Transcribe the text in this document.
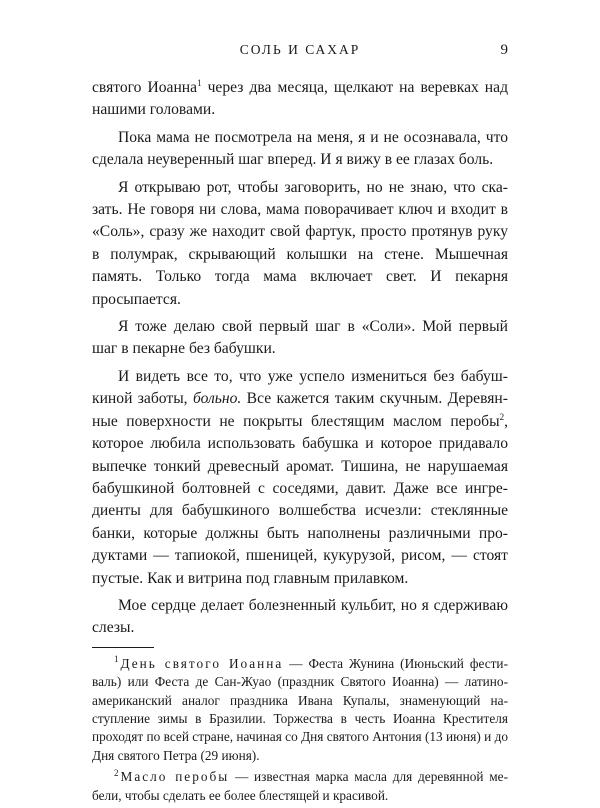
СОЛЬ И САХАР	9

святого Иоанна$^1$ через два месяца, щелкают на веревках над нашими головами.

Пока мама не посмотрела на меня, я и не осознавала, что сделала неуверенный шаг вперед. И я вижу в ее глазах боль.

Я открываю рот, чтобы заговорить, но не знаю, что сказать. Не говоря ни слова, мама поворачивает ключ и входит в «Соль», сразу же находит свой фартук, просто протянув руку в полумрак, скрывающий колышки на стене. Мышечная память. Только тогда мама включает свет. И пекарня просыпается.

Я тоже делаю свой первый шаг в «Соли». Мой первый шаг в пекарне без бабушки.

И видеть все то, что уже успело измениться без бабушкиной заботы, больно. Все кажется таким скучным. Деревянные поверхности не покрыты блестящим маслом перобы$^2$, которое любила использовать бабушка и которое придавало выпечке тонкий древесный аромат. Тишина, не нарушаемая бабушкиной болтовней с соседями, давит. Даже все ингредиенты для бабушкиного волшебства исчезли: стеклянные банки, которые должны быть наполнены различными продуктами — тапиокой, пшеницей, кукурузой, рисом, — стоят пустые. Как и витрина под главным прилавком.

Мое сердце делает болезненный кульбит, но я сдерживаю слезы.

$^1$ День святого Иоанна — Феста Жунина (Июньский фестиваль) или Феста де Сан-Жуао (праздник Святого Иоанна) — латиноамериканский аналог праздника Ивана Купалы, знаменующий наступление зимы в Бразилии. Торжества в честь Иоанна Крестителя проходят по всей стране, начиная со Дня святого Антония (13 июня) и до Дня святого Петра (29 июня).

$^2$ Масло перобы — известная марка масла для деревянной мебели, чтобы сделать ее более блестящей и красивой.
